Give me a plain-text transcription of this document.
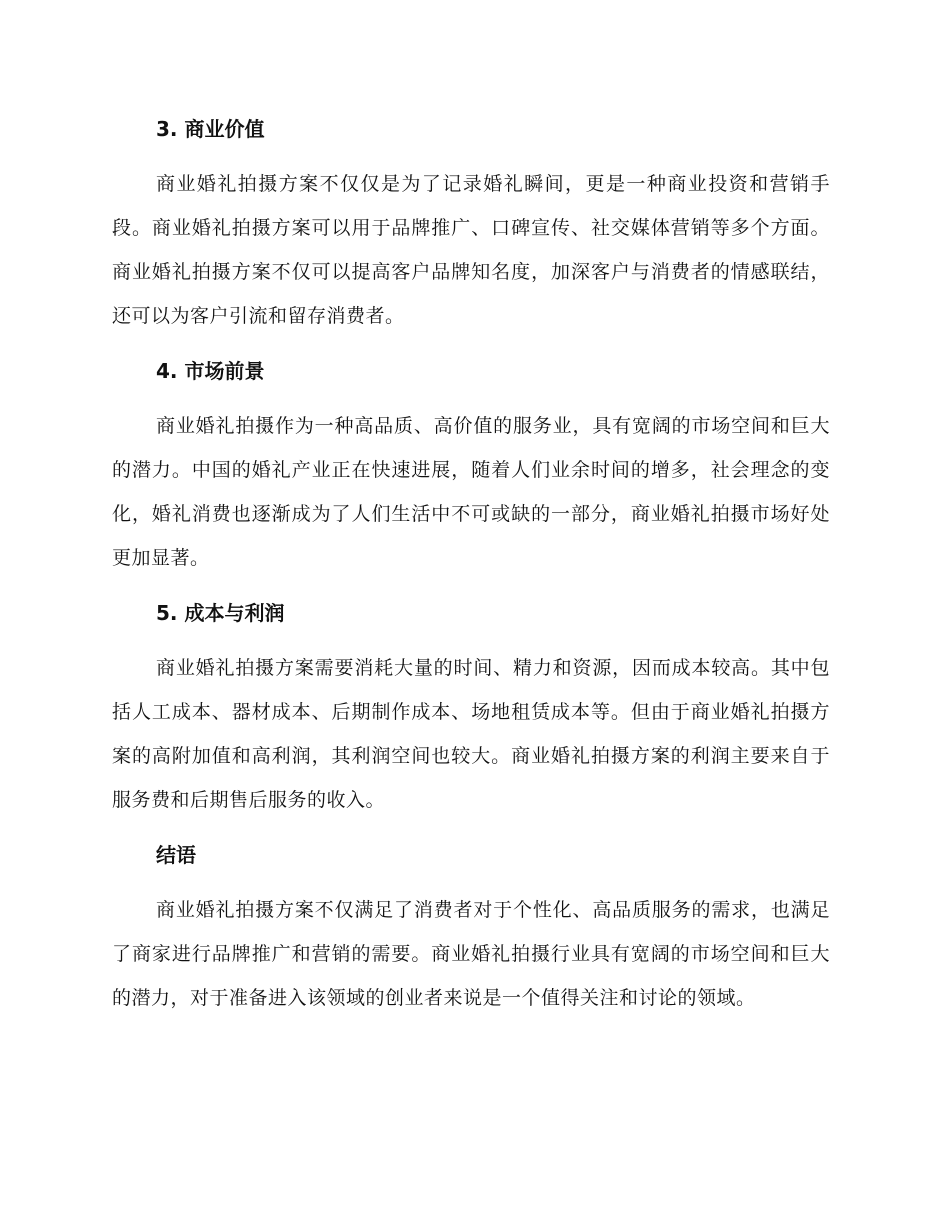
3. 商业价值

商业婚礼拍摄方案不仅仅是为了记录婚礼瞬间，更是一种商业投资和营销手段。商业婚礼拍摄方案可以用于品牌推广、口碑宣传、社交媒体营销等多个方面。商业婚礼拍摄方案不仅可以提高客户品牌知名度，加深客户与消费者的情感联结，还可以为客户引流和留存消费者。

4. 市场前景

商业婚礼拍摄作为一种高品质、高价值的服务业，具有宽阔的市场空间和巨大的潜力。中国的婚礼产业正在快速进展，随着人们业余时间的增多，社会理念的变化，婚礼消费也逐渐成为了人们生活中不可或缺的一部分，商业婚礼拍摄市场好处更加显著。

5. 成本与利润

商业婚礼拍摄方案需要消耗大量的时间、精力和资源，因而成本较高。其中包括人工成本、器材成本、后期制作成本、场地租赁成本等。但由于商业婚礼拍摄方案的高附加值和高利润，其利润空间也较大。商业婚礼拍摄方案的利润主要来自于服务费和后期售后服务的收入。

结语

商业婚礼拍摄方案不仅满足了消费者对于个性化、高品质服务的需求，也满足了商家进行品牌推广和营销的需要。商业婚礼拍摄行业具有宽阔的市场空间和巨大的潜力，对于准备进入该领域的创业者来说是一个值得关注和讨论的领域。
